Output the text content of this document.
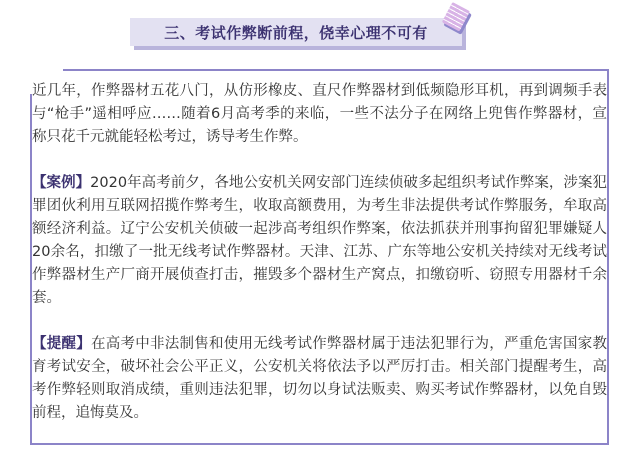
三、考试作弊断前程，侥幸心理不可有

近几年，作弊器材五花八门，从仿形橡皮、直尺作弊器材到低频隐形耳机，再到调频手表与“枪手”遥相呼应……随着6月高考季的来临，一些不法分子在网络上兜售作弊器材，宣称只花千元就能轻松考过，诱导考生作弊。

【案例】2020年高考前夕，各地公安机关网安部门连续侦破多起组织考试作弊案，涉案犯罪团伙利用互联网招揽作弊考生，收取高额费用，为考生非法提供考试作弊服务，牟取高额经济利益。辽宁公安机关侦破一起涉高考组织作弊案，依法抓获并刑事拘留犯罪嫌疑人20余名，扣缴了一批无线考试作弊器材。天津、江苏、广东等地公安机关持续对无线考试作弊器材生产厂商开展侦查打击，摧毁多个器材生产窝点，扣缴窃听、窃照专用器材千余套。

【提醒】在高考中非法制售和使用无线考试作弊器材属于违法犯罪行为，严重危害国家教育考试安全，破坏社会公平正义，公安机关将依法予以严厉打击。相关部门提醒考生，高考作弊轻则取消成绩，重则违法犯罪，切勿以身试法贩卖、购买考试作弊器材，以免自毁前程，追悔莫及。
